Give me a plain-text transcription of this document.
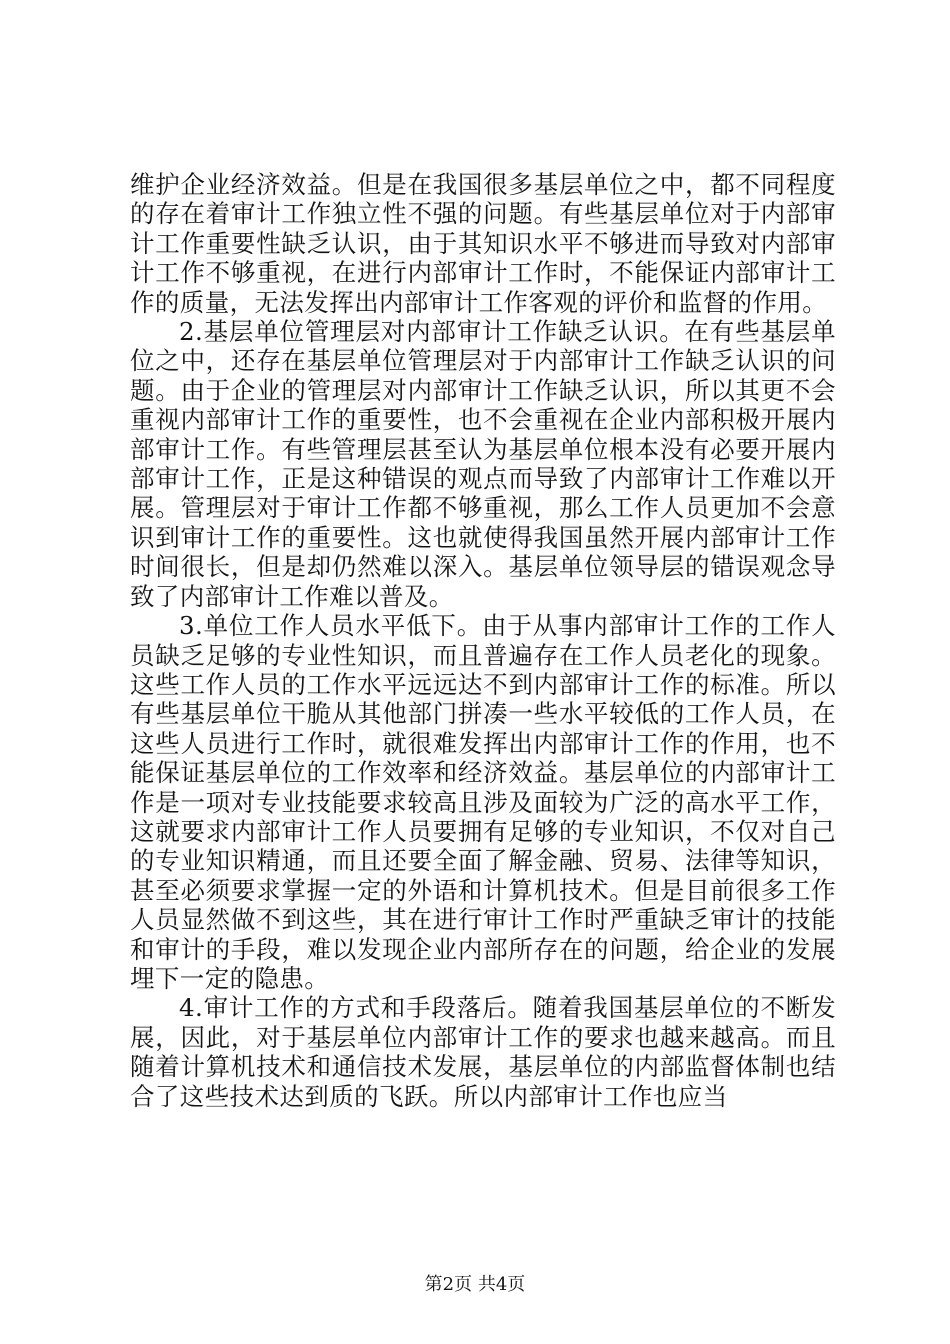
维护企业经济效益。但是在我国很多基层单位之中，都不同程度的存在着审计工作独立性不强的问题。有些基层单位对于内部审计工作重要性缺乏认识，由于其知识水平不够进而导致对内部审计工作不够重视，在进行内部审计工作时，不能保证内部审计工作的质量，无法发挥出内部审计工作客观的评价和监督的作用。

2.基层单位管理层对内部审计工作缺乏认识。在有些基层单位之中，还存在基层单位管理层对于内部审计工作缺乏认识的问题。由于企业的管理层对内部审计工作缺乏认识，所以其更不会重视内部审计工作的重要性，也不会重视在企业内部积极开展内部审计工作。有些管理层甚至认为基层单位根本没有必要开展内部审计工作，正是这种错误的观点而导致了内部审计工作难以开展。管理层对于审计工作都不够重视，那么工作人员更加不会意识到审计工作的重要性。这也就使得我国虽然开展内部审计工作时间很长，但是却仍然难以深入。基层单位领导层的错误观念导致了内部审计工作难以普及。

3.单位工作人员水平低下。由于从事内部审计工作的工作人员缺乏足够的专业性知识，而且普遍存在工作人员老化的现象。这些工作人员的工作水平远远达不到内部审计工作的标准。所以有些基层单位干脆从其他部门拼凑一些水平较低的工作人员，在这些人员进行工作时，就很难发挥出内部审计工作的作用，也不能保证基层单位的工作效率和经济效益。基层单位的内部审计工作是一项对专业技能要求较高且涉及面较为广泛的高水平工作，这就要求内部审计工作人员要拥有足够的专业知识，不仅对自己的专业知识精通，而且还要全面了解金融、贸易、法律等知识，甚至必须要求掌握一定的外语和计算机技术。但是目前很多工作人员显然做不到这些，其在进行审计工作时严重缺乏审计的技能和审计的手段，难以发现企业内部所存在的问题，给企业的发展埋下一定的隐患。

4.审计工作的方式和手段落后。随着我国基层单位的不断发展，因此，对于基层单位内部审计工作的要求也越来越高。而且随着计算机技术和通信技术发展，基层单位的内部监督体制也结合了这些技术达到质的飞跃。所以内部审计工作也应当

第2页 共4页
